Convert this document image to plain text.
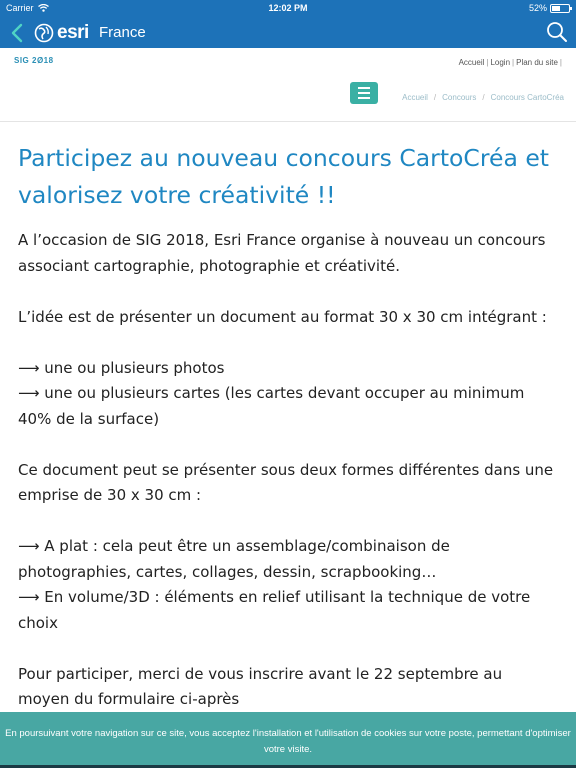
Carrier	12:02 PM	52%
esri France
SIG 2Ø18	Accueil | Login | Plan du site |
Accueil / Concours / Concours CartoCréa
Participez au nouveau concours CartoCréa et valorisez votre créativité !!

A l’occasion de SIG 2018, Esri France organise à nouveau un concours associant cartographie, photographie et créativité.

L’idée est de présenter un document au format 30 x 30 cm intégrant :

⟶ une ou plusieurs photos
⟶ une ou plusieurs cartes (les cartes devant occuper au minimum 40% de la surface)

Ce document peut se présenter sous deux formes différentes dans une emprise de 30 x 30 cm :

⟶ A plat : cela peut être un assemblage/combinaison de photographies, cartes, collages, dessin, scrapbooking…
⟶ En volume/3D : éléments en relief utilisant la technique de votre choix

Pour participer, merci de vous inscrire avant le 22 septembre au moyen du formulaire ci-après

En poursuivant votre navigation sur ce site, vous acceptez l'installation et l'utilisation de cookies sur votre poste, permettant d'optimiser votre visite.
